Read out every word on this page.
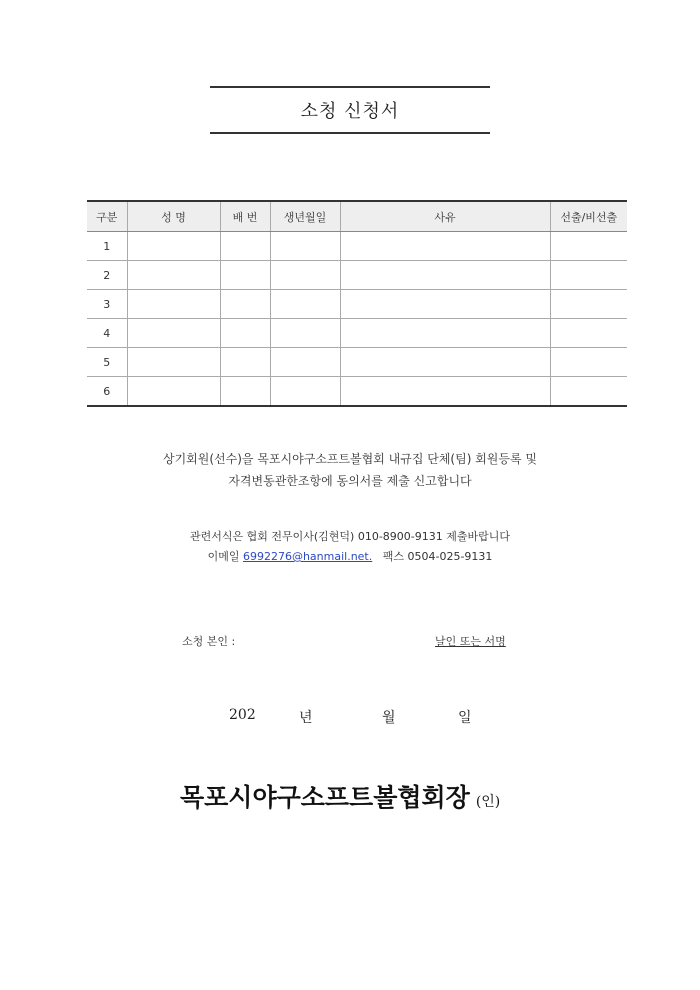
소청 신청서
구분	성 명	배 번	생년월일	사유	선출/비선출
1					
2					
3					
4					
5					
6					
상기회원(선수)을 목포시야구소프트볼협회 내규집 단체(팀) 회원등록 및
자격변동관한조항에 동의서를 제출 신고합니다
관련서식은 협회 전무이사(김현덕) 010-8900-9131 제출바랍니다
이메일 6992276@hanmail.net. 팩스 0504-025-9131
소청 본인 :	날인 또는 서명
202	년	월	일
목포시야구소프트볼협회장 (인)
